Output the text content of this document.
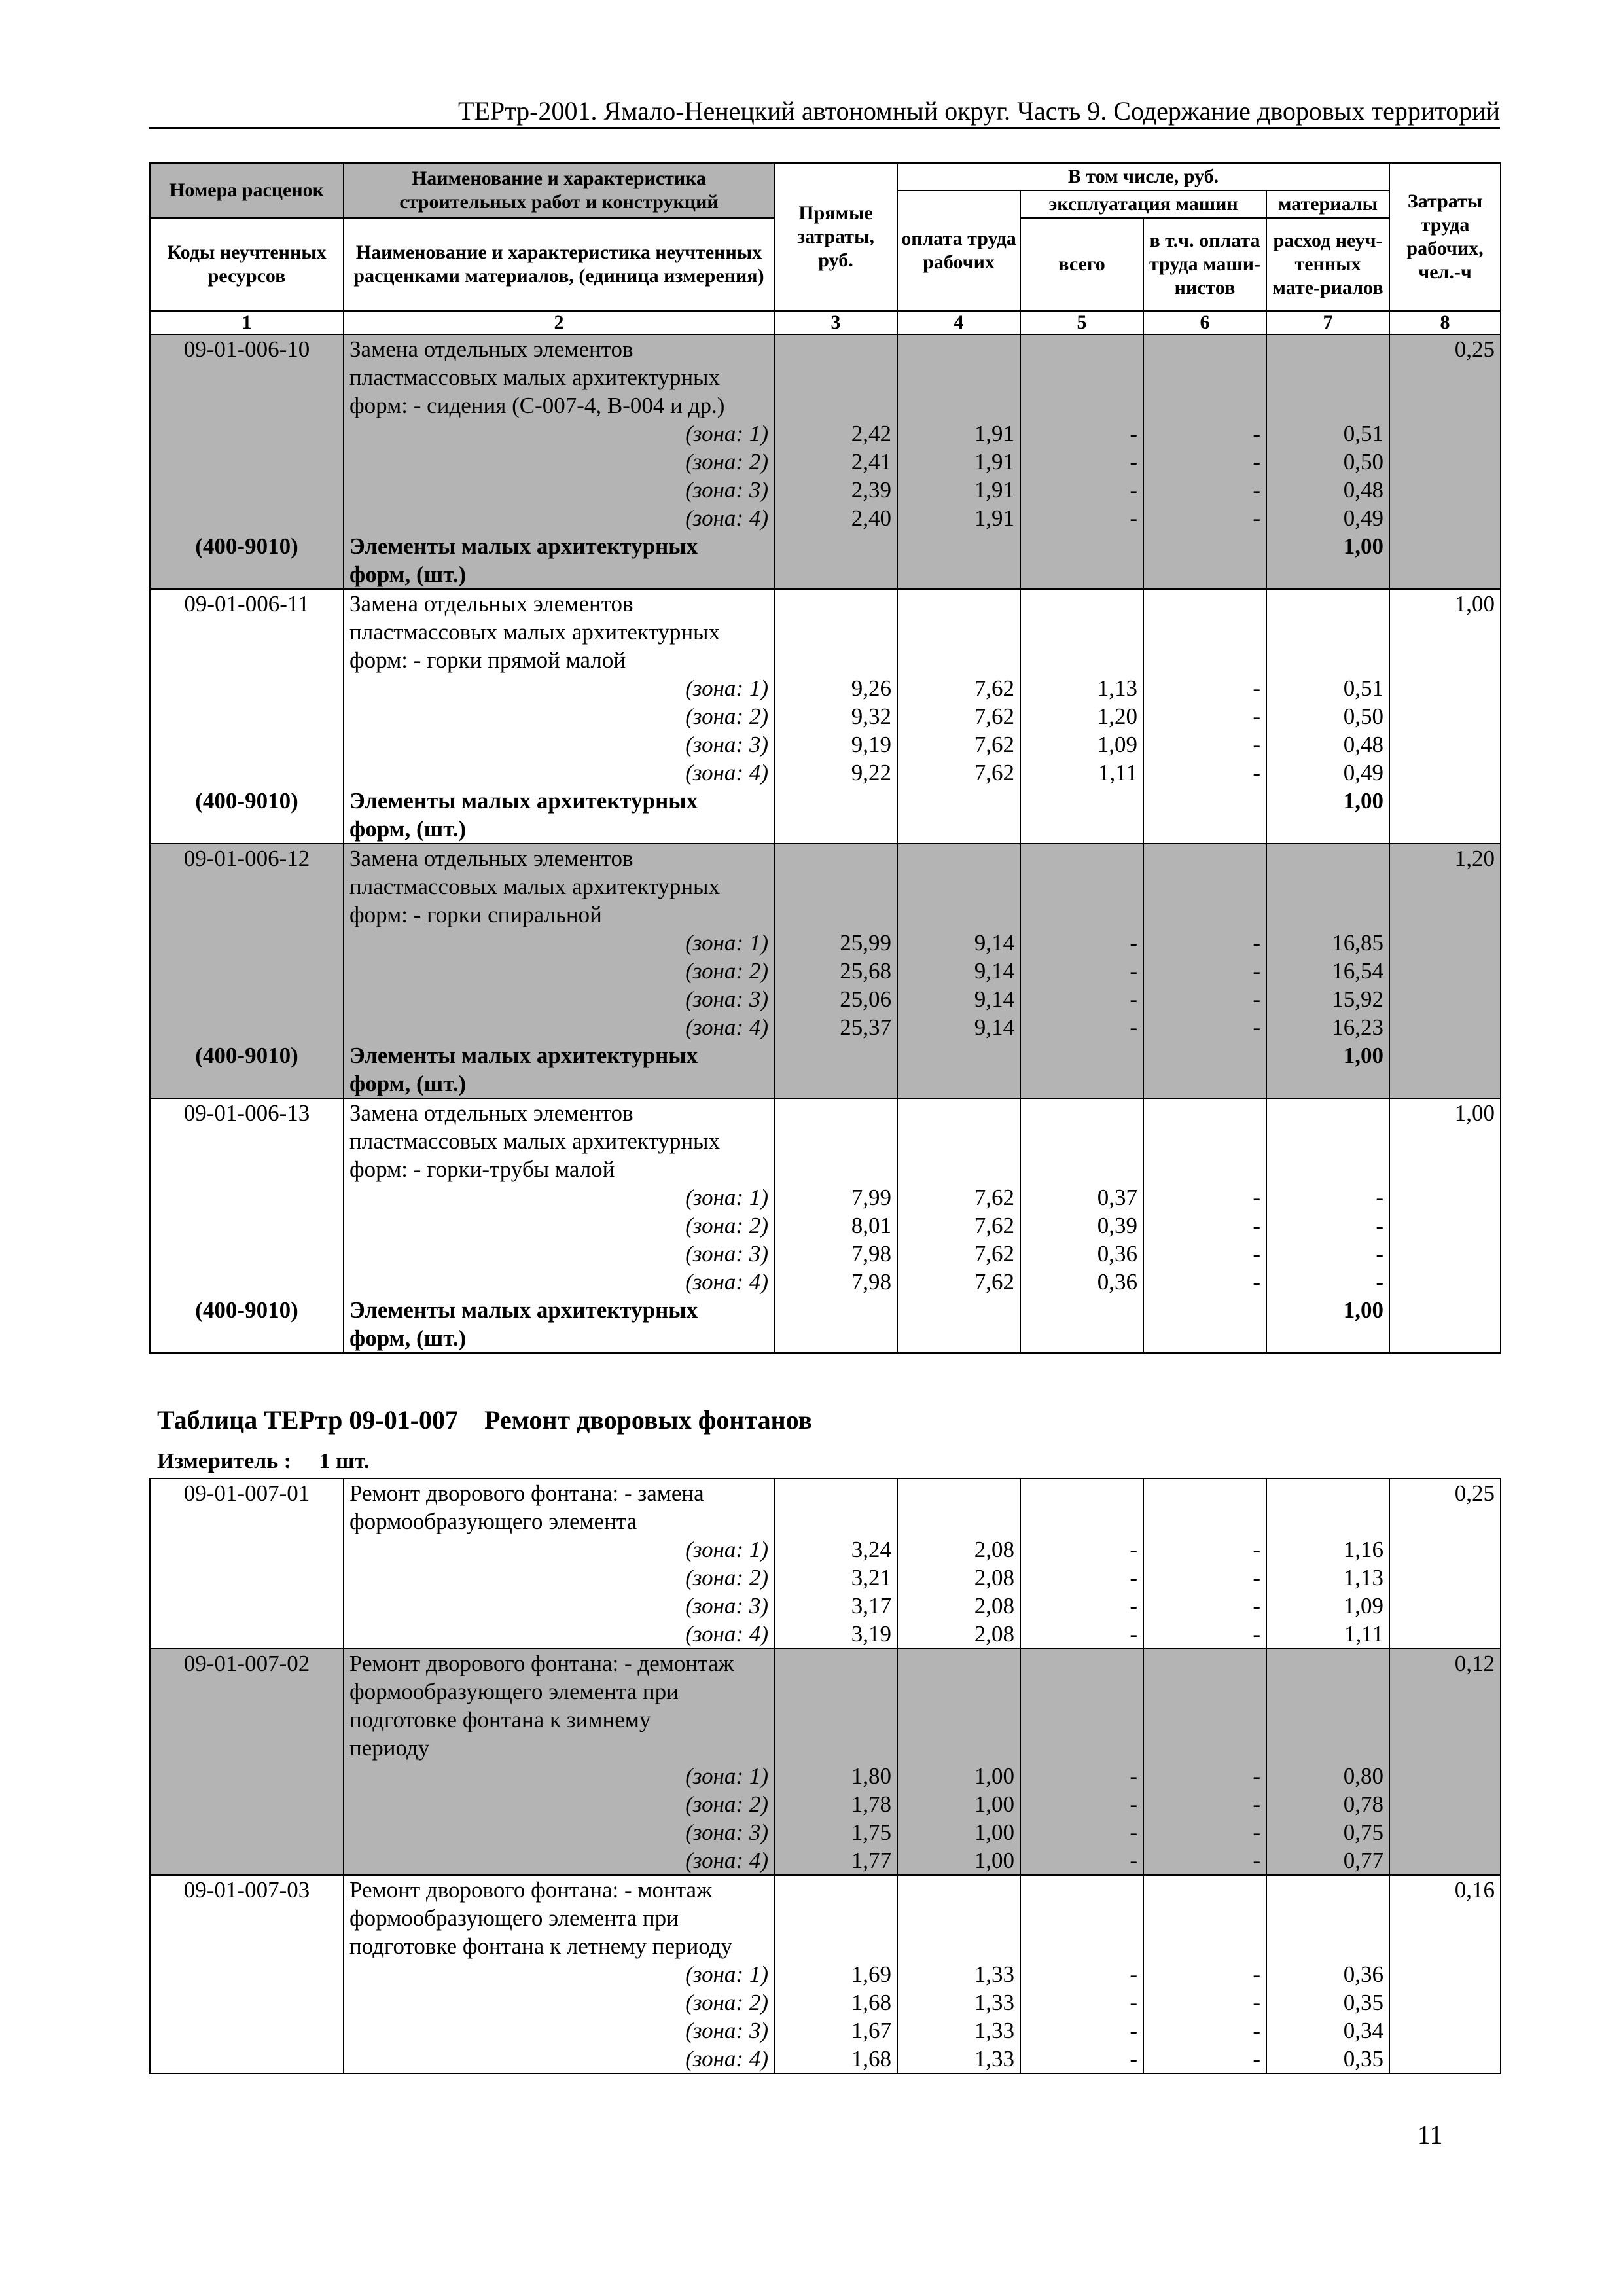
ТЕРтр-2001. Ямало-Ненецкий автономный округ. Часть 9. Содержание дворовых территорий
Номера расценок	Наименование и характеристика строительных работ и конструкций	Прямые затраты, руб.	В том числе, руб.				Затраты труда рабочих, чел.-ч
			оплата труда рабочих	эксплуатация машин		материалы	
Коды неучтенных ресурсов	Наименование и характеристика неучтенных расценками материалов, (единица измерения)			всего	в т.ч. оплата труда маши-нистов	расход неуч-тенных мате-риалов	

1	2	3	4	5	6	7	8
09-01-006-10	Замена отдельных элементов						0,25
	пластмассовых малых архитектурных						
	форм: - сидения (С-007-4, В-004 и др.)						
	(зона: 1)	2,42	1,91	-	-	0,51	
	(зона: 2)	2,41	1,91	-	-	0,50	
	(зона: 3)	2,39	1,91	-	-	0,48	
	(зона: 4)	2,40	1,91	-	-	0,49	
(400-9010)	Элементы малых архитектурных					1,00	
	форм, (шт.)						
09-01-006-11	Замена отдельных элементов						1,00
	пластмассовых малых архитектурных						
	форм: - горки прямой малой						
	(зона: 1)	9,26	7,62	1,13	-	0,51	
	(зона: 2)	9,32	7,62	1,20	-	0,50	
	(зона: 3)	9,19	7,62	1,09	-	0,48	
	(зона: 4)	9,22	7,62	1,11	-	0,49	
(400-9010)	Элементы малых архитектурных					1,00	
	форм, (шт.)						
09-01-006-12	Замена отдельных элементов						1,20
	пластмассовых малых архитектурных						
	форм: - горки спиральной						
	(зона: 1)	25,99	9,14	-	-	16,85	
	(зона: 2)	25,68	9,14	-	-	16,54	
	(зона: 3)	25,06	9,14	-	-	15,92	
	(зона: 4)	25,37	9,14	-	-	16,23	
(400-9010)	Элементы малых архитектурных					1,00	
	форм, (шт.)						
09-01-006-13	Замена отдельных элементов						1,00
	пластмассовых малых архитектурных						
	форм: - горки-трубы малой						
	(зона: 1)	7,99	7,62	0,37	-	-	
	(зона: 2)	8,01	7,62	0,39	-	-	
	(зона: 3)	7,98	7,62	0,36	-	-	
	(зона: 4)	7,98	7,62	0,36	-	-	
(400-9010)	Элементы малых архитектурных					1,00	
	форм, (шт.)						
Таблица ТЕРтр 09-01-007    Ремонт дворовых фонтанов
Измеритель :     1 шт.
09-01-007-01	Ремонт дворового фонтана: - замена						0,25
	формообразующего элемента						
	(зона: 1)	3,24	2,08	-	-	1,16	
	(зона: 2)	3,21	2,08	-	-	1,13	
	(зона: 3)	3,17	2,08	-	-	1,09	
	(зона: 4)	3,19	2,08	-	-	1,11	
09-01-007-02	Ремонт дворового фонтана: - демонтаж						0,12
	формообразующего элемента при						
	подготовке фонтана к зимнему						
	периоду						
	(зона: 1)	1,80	1,00	-	-	0,80	
	(зона: 2)	1,78	1,00	-	-	0,78	
	(зона: 3)	1,75	1,00	-	-	0,75	
	(зона: 4)	1,77	1,00	-	-	0,77	
09-01-007-03	Ремонт дворового фонтана: - монтаж						0,16
	формообразующего элемента при						
	подготовке фонтана к летнему периоду						
	(зона: 1)	1,69	1,33	-	-	0,36	
	(зона: 2)	1,68	1,33	-	-	0,35	
	(зона: 3)	1,67	1,33	-	-	0,34	
	(зона: 4)	1,68	1,33	-	-	0,35	
11
